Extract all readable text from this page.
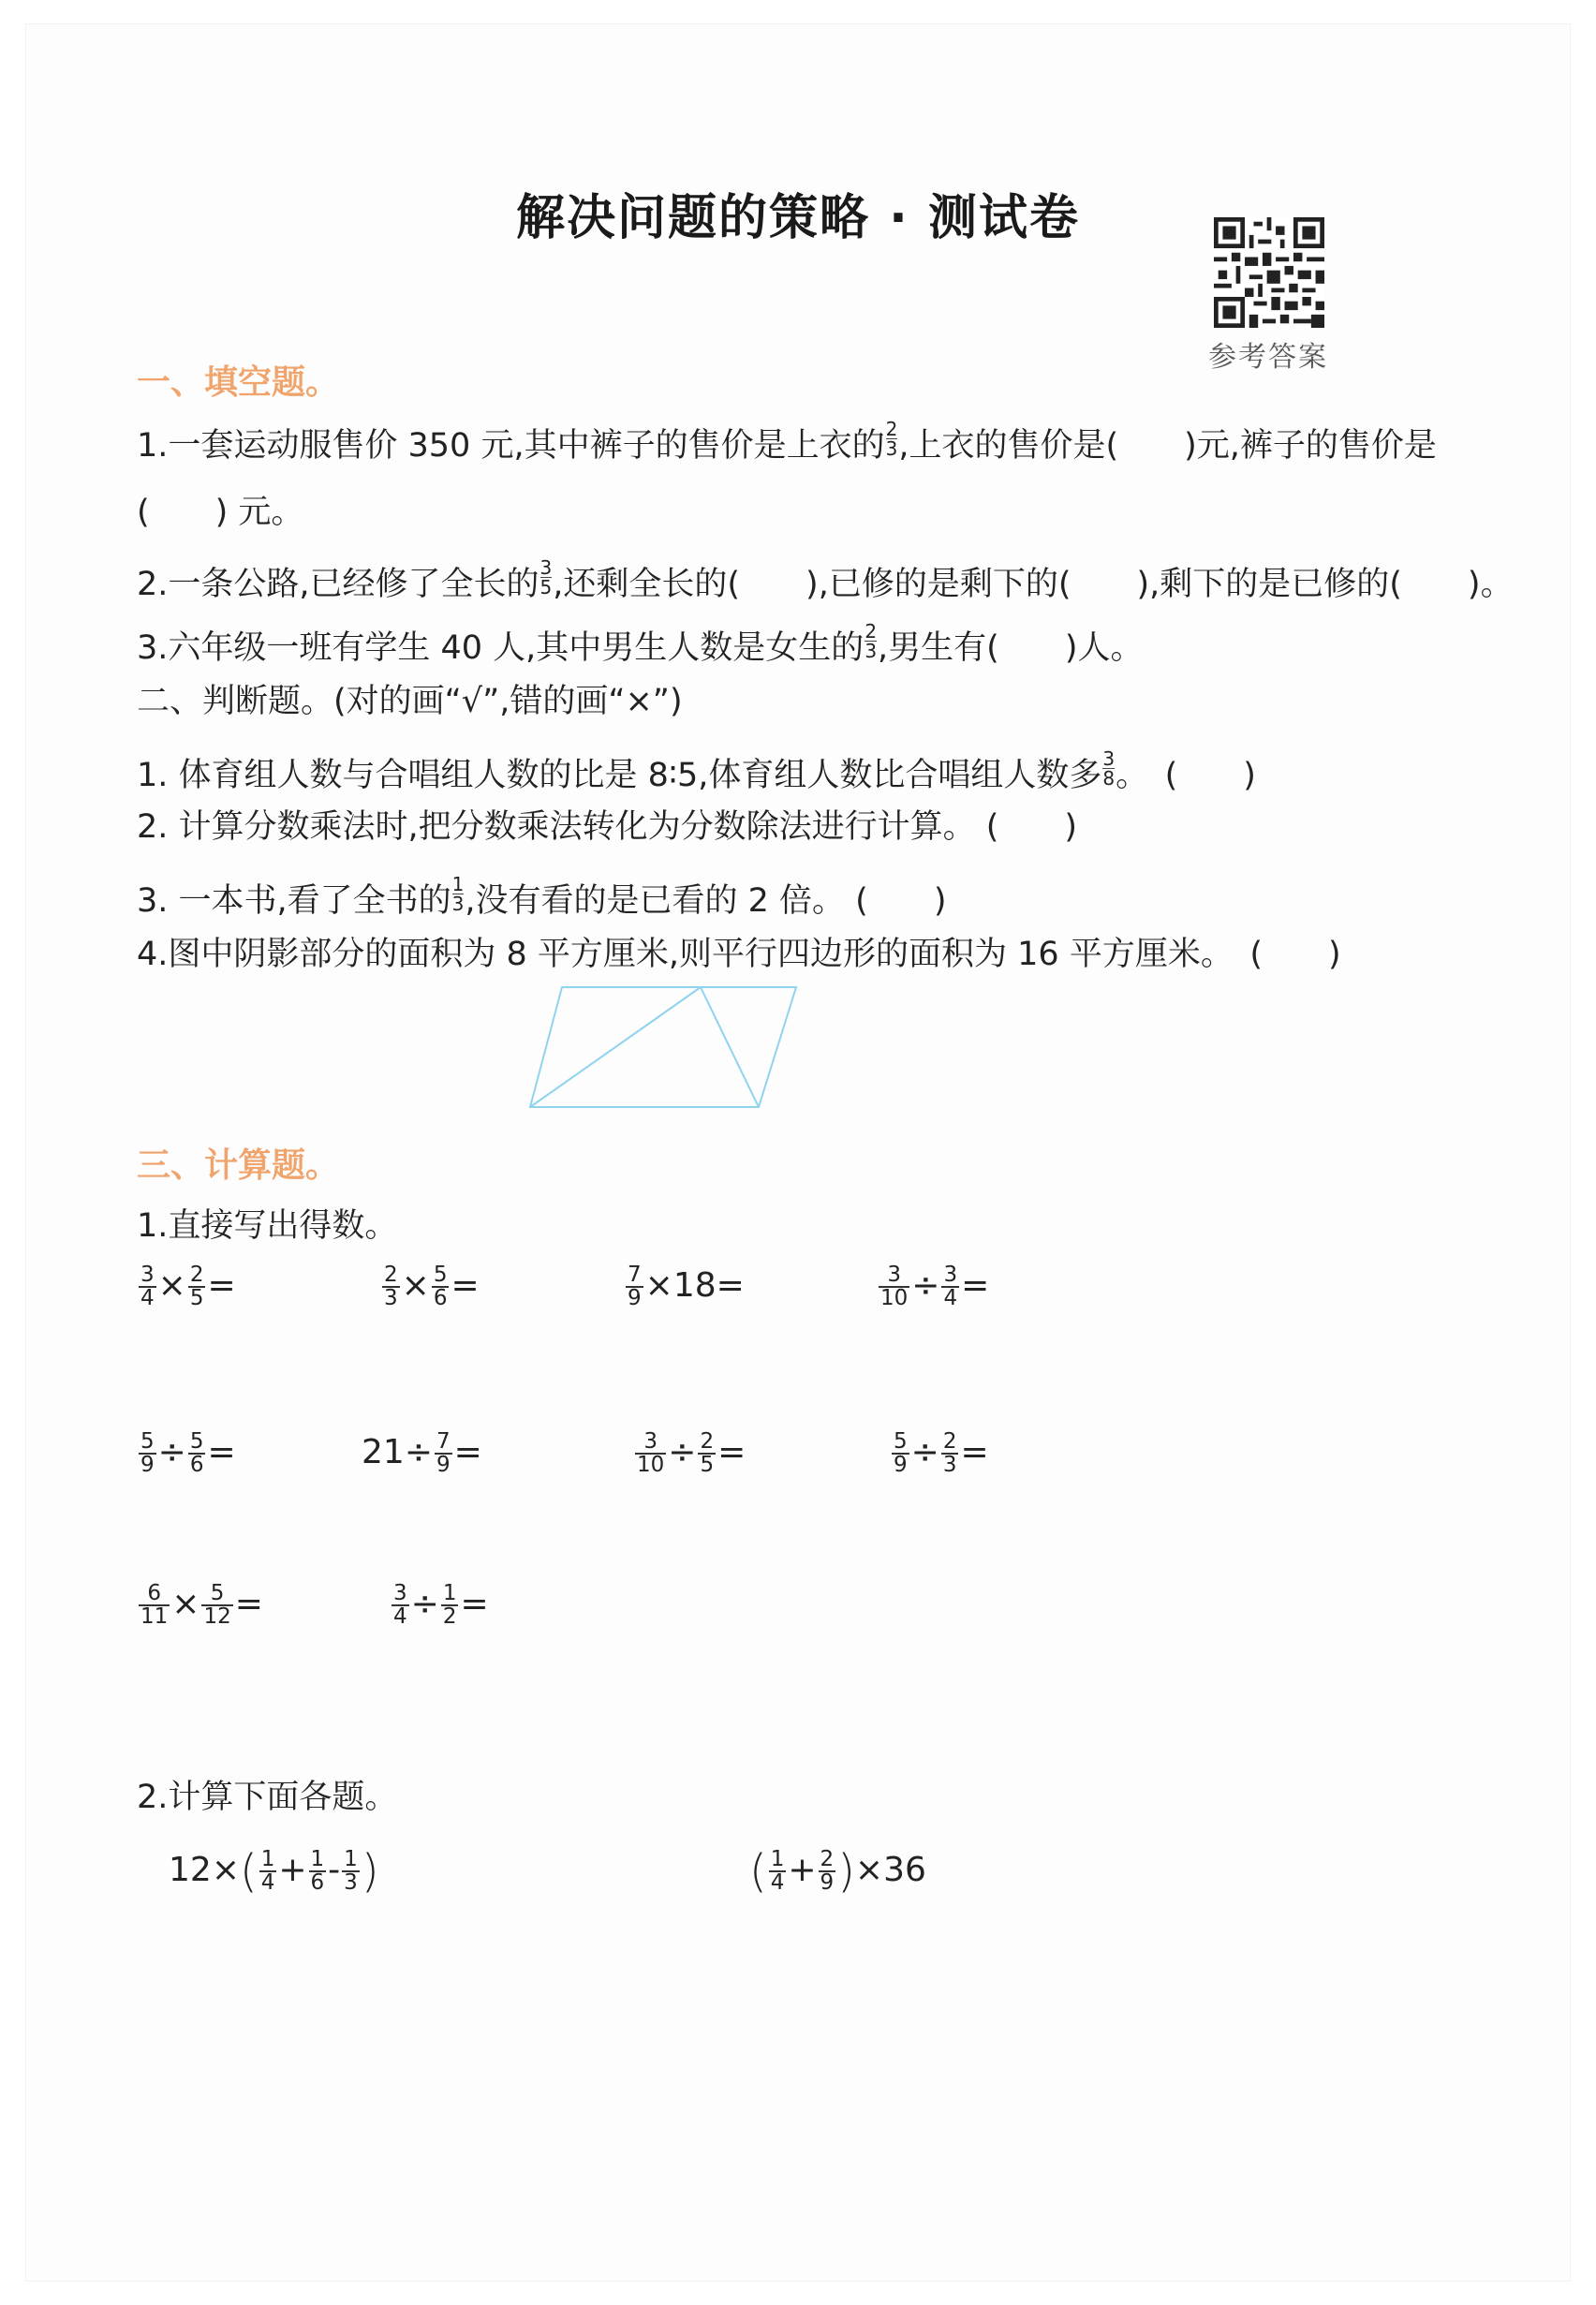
解决问题的策略 · 测试卷
参考答案
一、填空题。
1.一套运动服售价 350 元,其中裤子的售价是上衣的 $\frac{2}{3}$ ,上衣的售价是(　　)元,裤子的售价是
(　　) 元。
2.一条公路,已经修了全长的 $\frac{3}{5}$ ,还剩全长的(　　),已修的是剩下的(　　),剩下的是已修的(　　)。
3.六年级一班有学生 40 人,其中男生人数是女生的 $\frac{2}{3}$ ,男生有(　　)人。
二、判断题。(对的画“√”,错的画“×”)
1. 体育组人数与合唱组人数的比是 8∶5,体育组人数比合唱组人数多 $\frac{3}{8}$ 。　(　　)
2. 计算分数乘法时,把分数乘法转化为分数除法进行计算。 (　　)
3. 一本书,看了全书的 $\frac{1}{3}$ ,没有看的是已看的 2 倍。 (　　)
4.图中阴影部分的面积为 8 平方厘米,则平行四边形的面积为 16 平方厘米。　(　　)
三、计算题。
1.直接写出得数。
$\frac{3}{4} \times \frac{2}{5}$ =	$\frac{2}{3} \times \frac{5}{6}$ =	$\frac{7}{9} \times 18=$	$\frac{3}{10} \div \frac{3}{4}$ =
$\frac{5}{9} \div \frac{5}{6}$ =	$21\div \frac{7}{9}$ =	$\frac{3}{10} \div \frac{2}{5}$ =	$\frac{5}{9} \div \frac{2}{3}$ =
$\frac{6}{11} \times \frac{5}{12}$ =	$\frac{3}{4} \div \frac{1}{2}$ =
2.计算下面各题。
$12\times( \frac{1}{4} + \frac{1}{6} - \frac{1}{3}$ )	( $\frac{1}{4} + \frac{2}{9} )\times 36$
